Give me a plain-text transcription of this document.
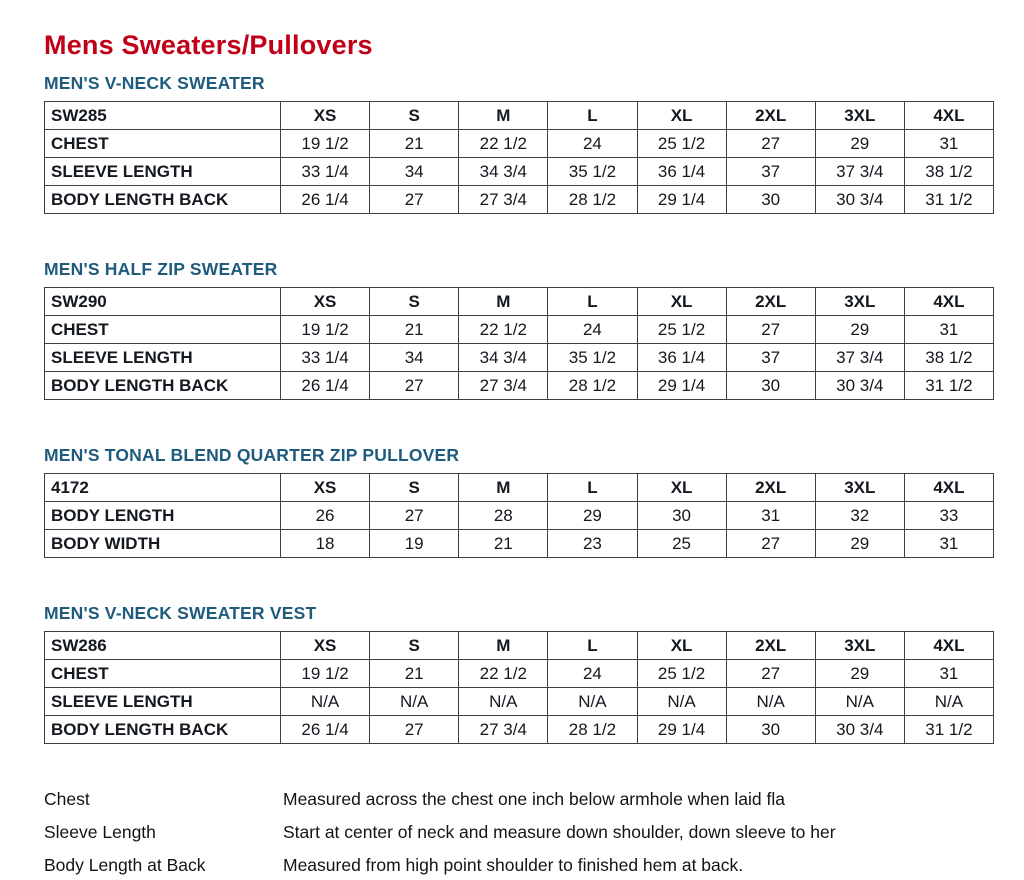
Mens Sweaters/Pullovers
MEN'S V-NECK SWEATER
SW285	XS	S	M	L	XL	2XL	3XL	4XL
CHEST	19 1/2	21	22 1/2	24	25 1/2	27	29	31
SLEEVE LENGTH	33 1/4	34	34 3/4	35 1/2	36 1/4	37	37 3/4	38 1/2
BODY LENGTH BACK	26 1/4	27	27 3/4	28 1/2	29 1/4	30	30 3/4	31 1/2
MEN'S HALF ZIP SWEATER
SW290	XS	S	M	L	XL	2XL	3XL	4XL
CHEST	19 1/2	21	22 1/2	24	25 1/2	27	29	31
SLEEVE LENGTH	33 1/4	34	34 3/4	35 1/2	36 1/4	37	37 3/4	38 1/2
BODY LENGTH BACK	26 1/4	27	27 3/4	28 1/2	29 1/4	30	30 3/4	31 1/2
MEN'S TONAL BLEND QUARTER ZIP PULLOVER
4172	XS	S	M	L	XL	2XL	3XL	4XL
BODY LENGTH	26	27	28	29	30	31	32	33
BODY WIDTH	18	19	21	23	25	27	29	31
MEN'S V-NECK SWEATER VEST
SW286	XS	S	M	L	XL	2XL	3XL	4XL
CHEST	19 1/2	21	22 1/2	24	25 1/2	27	29	31
SLEEVE LENGTH	N/A	N/A	N/A	N/A	N/A	N/A	N/A	N/A
BODY LENGTH BACK	26 1/4	27	27 3/4	28 1/2	29 1/4	30	30 3/4	31 1/2
Chest	Measured across the chest one inch below armhole when laid fla
Sleeve Length	Start at center of neck and measure down shoulder, down sleeve to her
Body Length at Back	Measured from high point shoulder to finished hem at back.
